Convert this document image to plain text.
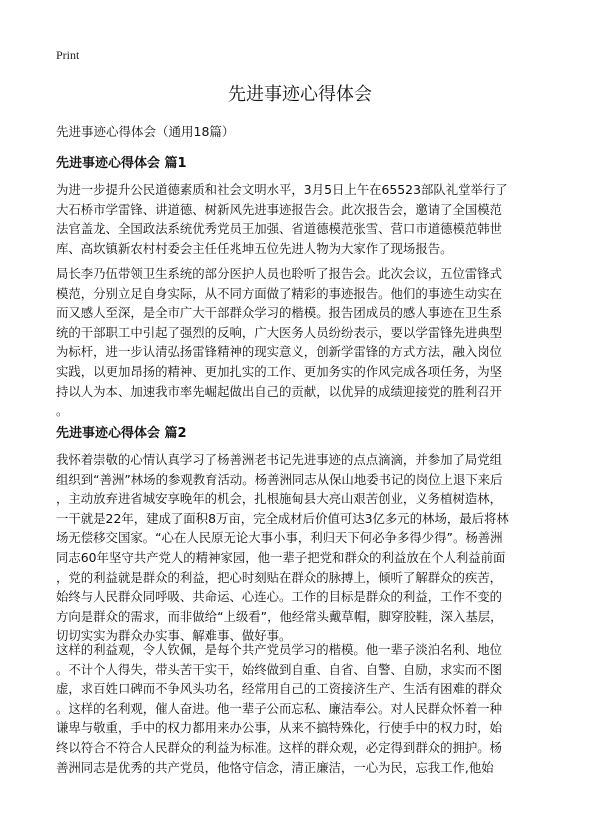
Print
先进事迹心得体会

先进事迹心得体会（通用18篇）

先进事迹心得体会 篇1
为进一步提升公民道德素质和社会文明水平，3月5日上午在65523部队礼堂举行了
大石桥市学雷锋、讲道德、树新风先进事迹报告会。此次报告会，邀请了全国模范
法官盖龙、全国政法系统优秀党员王加强、省道德模范张雪、营口市道德模范韩世
库、高坎镇新农村村委会主任任兆坤五位先进人物为大家作了现场报告。
局长李乃伍带领卫生系统的部分医护人员也聆听了报告会。此次会议，五位雷锋式
模范，分别立足自身实际，从不同方面做了精彩的事迹报告。他们的事迹生动实在
而又感人至深，是全市广大干部群众学习的楷模。报告团成员的感人事迹在卫生系
统的干部职工中引起了强烈的反响，广大医务人员纷纷表示，要以学雷锋先进典型
为标杆，进一步认清弘扬雷锋精神的现实意义，创新学雷锋的方式方法，融入岗位
实践，以更加昂扬的精神、更加扎实的工作、更加务实的作风完成各项任务，为坚
持以人为本、加速我市率先崛起做出自己的贡献，以优异的成绩迎接党的胜利召开
。
先进事迹心得体会 篇2
我怀着崇敬的心情认真学习了杨善洲老书记先进事迹的点点滴滴，并参加了局党组
组织到“善洲”林场的参观教育活动。杨善洲同志从保山地委书记的岗位上退下来后
，主动放弃进省城安享晚年的机会，扎根施甸县大亮山艰苦创业，义务植树造林，
一干就是22年，建成了面积8万亩，完全成材后价值可达3亿多元的林场，最后将林
场无偿移交国家。“心在人民原无论大事小事，利归天下何必争多得少得”。杨善洲
同志60年坚守共产党人的精神家园，他一辈子把党和群众的利益放在个人利益前面
，党的利益就是群众的利益，把心时刻贴在群众的脉搏上，倾听了解群众的疾苦，
始终与人民群众同呼吸、共命运、心连心。工作的目标是群众的利益，工作不变的
方向是群众的需求，而非做给“上级看”，他经常头戴草帽，脚穿胶鞋，深入基层，
切切实实为群众办实事、解难事、做好事。
这样的利益观，令人钦佩，是每个共产党员学习的楷模。他一辈子淡泊名利、地位
。不计个人得失，带头苦干实干，始终做到自重、自省、自警、自励，求实而不图
虚，求百姓口碑而不争风头功名，经常用自己的工资接济生产、生活有困难的群众
。这样的名利观，催人奋进。他一辈子公而忘私、廉洁奉公。对人民群众怀着一种
谦卑与敬重，手中的权力都用来办公事，从来不搞特殊化，行使手中的权力时，始
终以符合不符合人民群众的利益为标准。这样的群众观，必定得到群众的拥护。杨
善洲同志是优秀的共产党员，他恪守信念，清正廉洁，一心为民，忘我工作,他始
